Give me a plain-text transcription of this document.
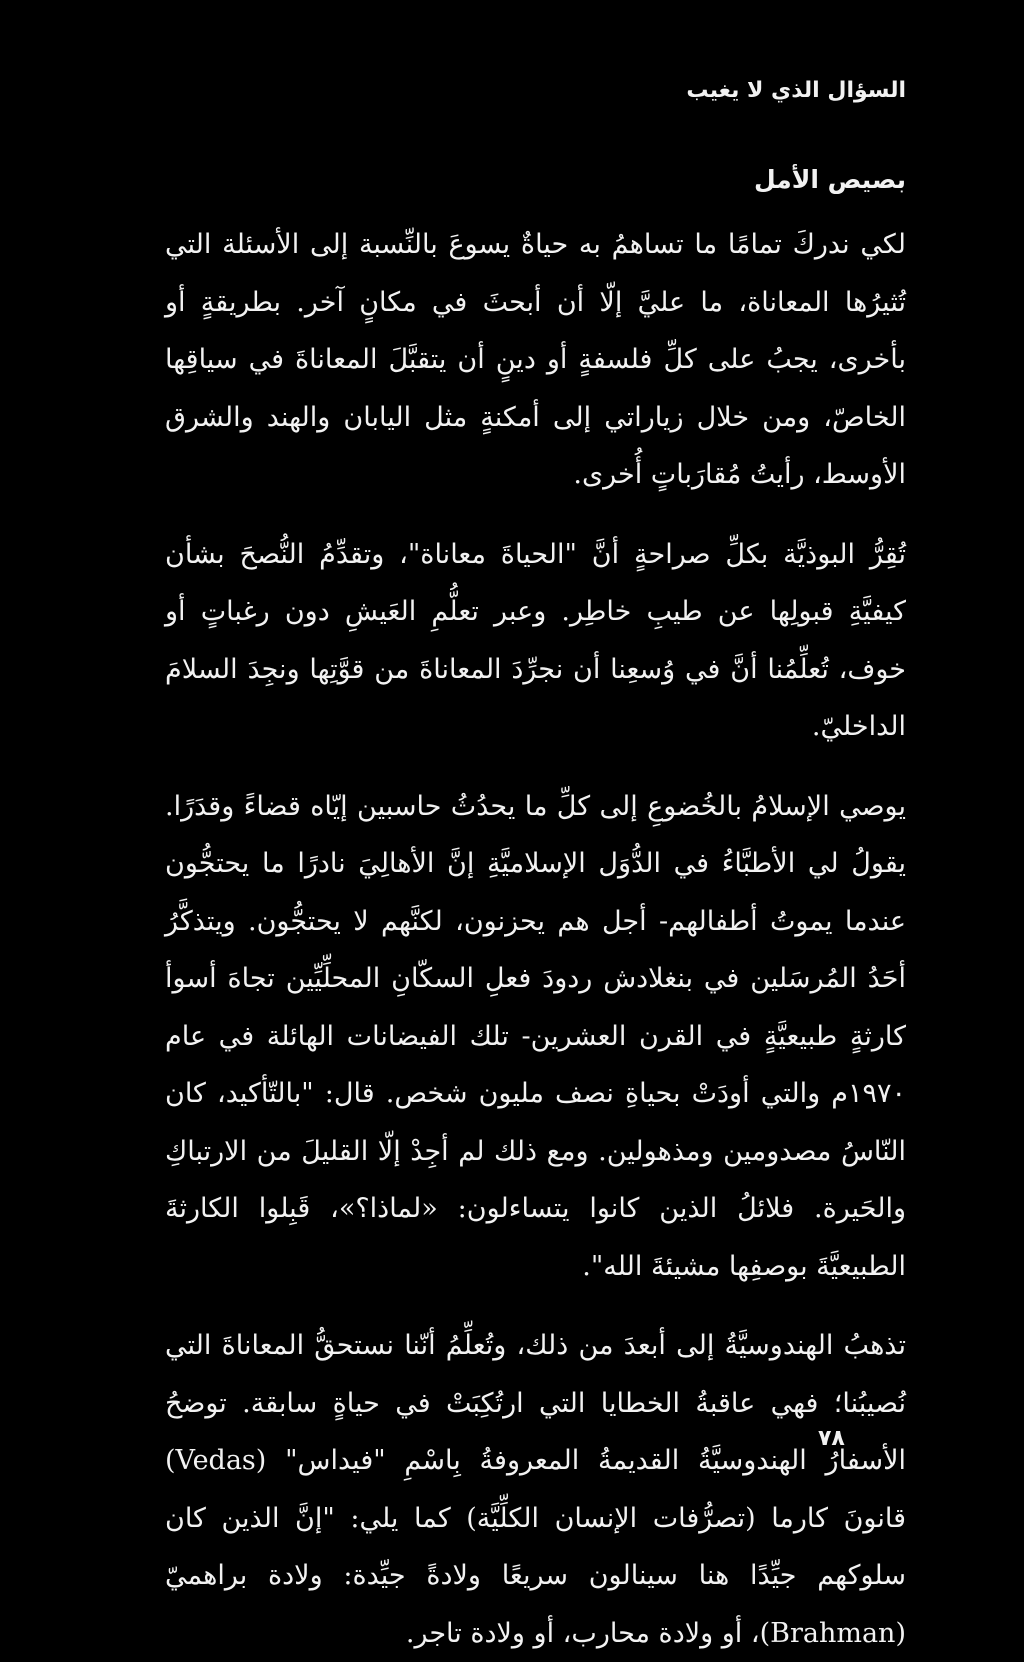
السؤال الذي لا يغيب
بصيص الأمل

لكي ندركَ تمامًا ما تساهمُ به حياةٌ يسوعَ بالنِّسبة إلى الأسئلة التي تُثيرُها المعاناة، ما عليَّ إلّا أن أبحثَ في مكانٍ آخر. بطريقةٍ أو بأخرى، يجبُ على كلِّ فلسفةٍ أو دينٍ أن يتقبَّلَ المعاناةَ في سياقِها الخاصّ، ومن خلال زياراتي إلى أمكنةٍ مثل اليابان والهند والشرق الأوسط، رأيتُ مُقارَباتٍ أُخرى.

تُقِرُّ البوذيَّة بكلِّ صراحةٍ أنَّ "الحياةَ معاناة"، وتقدِّمُ النُّصحَ بشأن كيفيَّةِ قبولِها عن طيبِ خاطِر. وعبر تعلُّمِ العَيشِ دون رغباتٍ أو خوف، تُعلِّمُنا أنَّ في وُسعِنا أن نجرِّدَ المعاناةَ من قوَّتِها ونجِدَ السلامَ الداخليّ.

يوصي الإسلامُ بالخُضوعِ إلى كلِّ ما يحدُثُ حاسبين إيّاه قضاءً وقدَرًا. يقولُ لي الأطبَّاءُ في الدُّوَل الإسلاميَّةِ إنَّ الأهالِيَ نادرًا ما يحتجُّون عندما يموتُ أطفالهم- أجل هم يحزنون، لكنَّهم لا يحتجُّون. ويتذكَّرُ أحَدُ المُرسَلين في بنغلادش ردودَ فعلِ السكّانِ المحلِّيِّين تجاهَ أسوأ كارثةٍ طبيعيَّةٍ في القرن العشرين- تلك الفيضانات الهائلة في عام ١٩٧٠م والتي أودَتْ بحياةِ نصف مليون شخص. قال: "بالتّأكيد، كان النّاسُ مصدومين ومذهولين. ومع ذلك لم أجِدْ إلّا القليلَ من الارتباكِ والحَيرة. فلائلُ الذين كانوا يتساءلون: «لماذا؟»، قَبِلوا الكارثةَ الطبيعيَّةَ بوصفِها مشيئةَ الله".

تذهبُ الهندوسيَّةُ إلى أبعدَ من ذلك، وتُعلِّمُ أنّنا نستحقُّ المعاناةَ التي نُصيبُنا؛ فهي عاقبةُ الخطايا التي ارتُكِبَتْ في حياةٍ سابقة. توضحُ الأسفارُ الهندوسيَّةُ القديمةُ المعروفةُ بِاسْمِ "فيداس" (Vedas) قانونَ كارما (تصرُّفات الإنسان الكلِّيَّة) كما يلي: "إنَّ الذين كان سلوكهم جيِّدًا هنا سينالون سريعًا ولادةً جيِّدة: ولادة براهميّ (Brahman)، أو ولادة محارب، أو ولادة تاجر.

٧٨
